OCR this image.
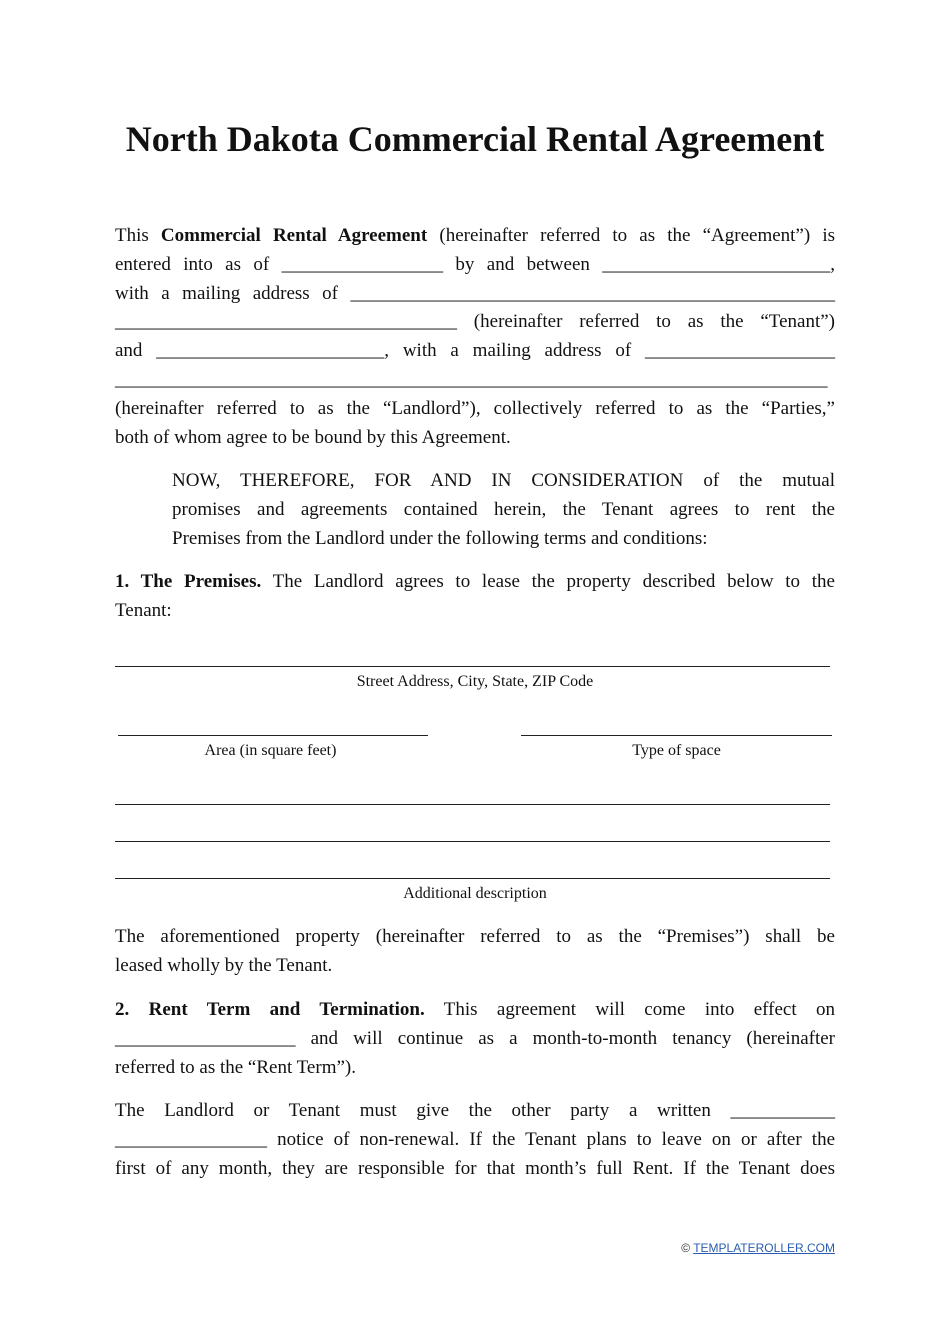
North Dakota Commercial Rental Agreement
This Commercial Rental Agreement (hereinafter referred to as the “Agreement”) is
entered into as of _________________ by and between ________________________,
with a mailing address of ___________________________________________________
____________________________________ (hereinafter referred to as the “Tenant”)
and ________________________, with a mailing address of ____________________
___________________________________________________________________________
(hereinafter referred to as the “Landlord”), collectively referred to as the “Parties,”
both of whom agree to be bound by this Agreement.
NOW, THEREFORE, FOR AND IN CONSIDERATION of the mutual
promises and agreements contained herein, the Tenant agrees to rent the
Premises from the Landlord under the following terms and conditions:
1. The Premises. The Landlord agrees to lease the property described below to the
Tenant:
Street Address, City, State, ZIP Code
Area (in square feet)	Type of space
Additional description
The aforementioned property (hereinafter referred to as the “Premises”) shall be
leased wholly by the Tenant.
2. Rent Term and Termination. This agreement will come into effect on
___________________ and will continue as a month-to-month tenancy (hereinafter
referred to as the “Rent Term”).
The Landlord or Tenant must give the other party a written ___________
________________ notice of non-renewal. If the Tenant plans to leave on or after the
first of any month, they are responsible for that month’s full Rent. If the Tenant does
© TEMPLATEROLLER.COM
